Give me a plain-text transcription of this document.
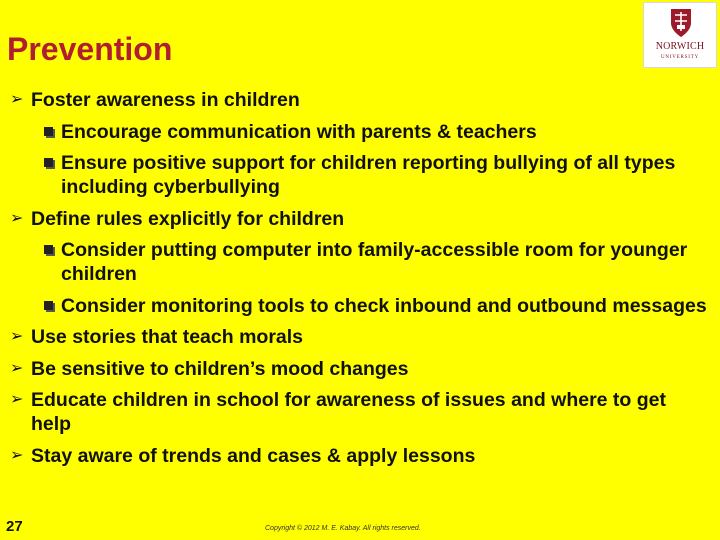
Prevention	NORWICH
UNIVERSITY
➢ Foster awareness in children
Encourage communication with parents & teachers
Ensure positive support for children reporting bullying of all types including cyberbullying
➢ Define rules explicitly for children
Consider putting computer into family-accessible room for younger children
Consider monitoring tools to check inbound and outbound messages
➢ Use stories that teach morals
➢ Be sensitive to children’s mood changes
➢ Educate children in school for awareness of issues and where to get help
➢ Stay aware of trends and cases & apply lessons
27	Copyright © 2012 M. E. Kabay. All rights reserved.
